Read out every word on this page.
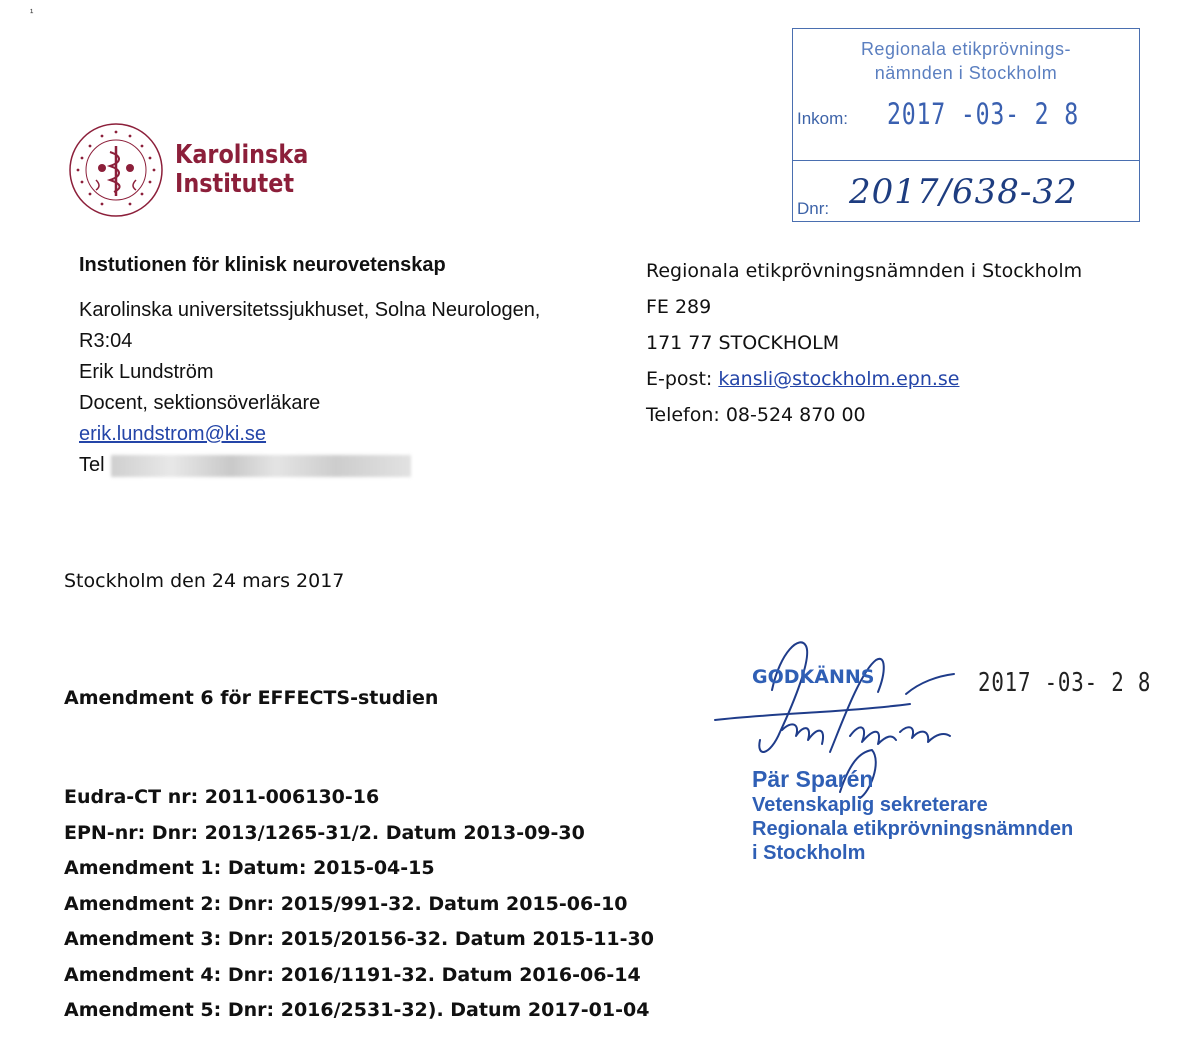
¹
Regionala etikprövnings-
nämnden i Stockholm
Inkom: 2017 -03- 2 8
Dnr: 2017/638-32
Karolinska
Institutet
Instutionen för klinisk neurovetenskap
Karolinska universitetssjukhuset, Solna Neurologen,
R3:04
Erik Lundström
Docent, sektionsöverläkare
erik.lundstrom@ki.se
Tel
Regionala etikprövningsnämnden i Stockholm
FE 289
171 77 STOCKHOLM
E-post: kansli@stockholm.epn.se
Telefon: 08-524 870 00
Stockholm den 24 mars 2017
Amendment 6 för EFFECTS-studien
Eudra-CT nr: 2011-006130-16
EPN-nr: Dnr: 2013/1265-31/2. Datum 2013-09-30
Amendment 1: Datum: 2015-04-15
Amendment 2: Dnr: 2015/991-32. Datum 2015-06-10
Amendment 3: Dnr: 2015/20156-32. Datum 2015-11-30
Amendment 4: Dnr: 2016/1191-32. Datum 2016-06-14
Amendment 5: Dnr: 2016/2531-32). Datum 2017-01-04
GODKÄNNS	2017 -03- 2 8
Pär Sparén
Vetenskaplig sekreterare
Regionala etikprövningsnämnden
i Stockholm
